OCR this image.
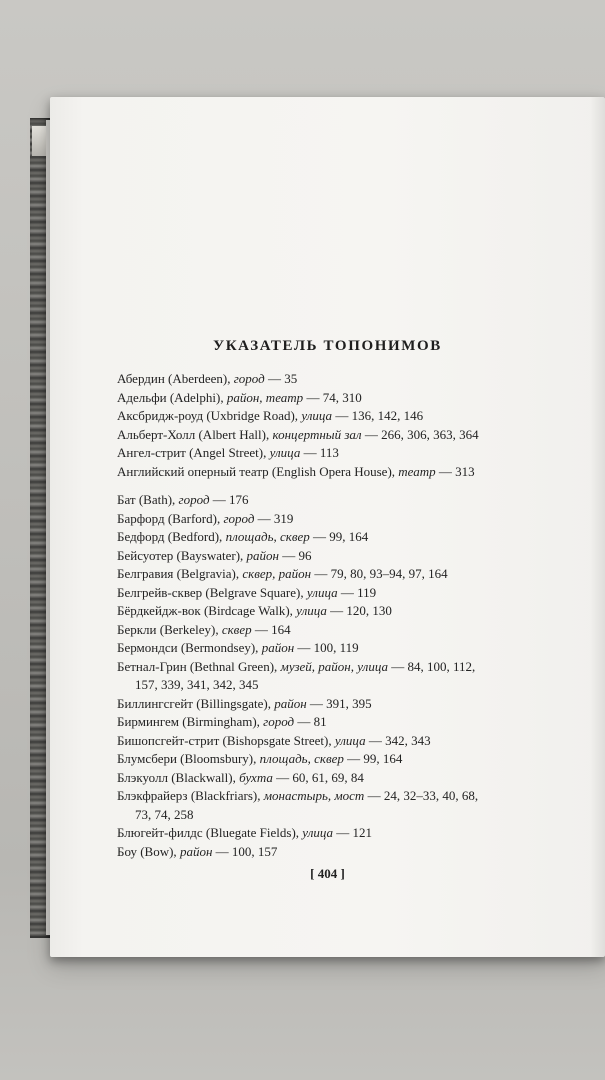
УКАЗАТЕЛЬ ТОПОНИМОВ
Абердин (Aberdeen), город — 35
Адельфи (Adelphi), район, театр — 74, 310
Аксбридж-роуд (Uxbridge Road), улица — 136, 142, 146
Альберт-Холл (Albert Hall), концертный зал — 266, 306, 363, 364
Ангел-стрит (Angel Street), улица — 113
Английский оперный театр (English Opera House), театр — 313
Бат (Bath), город — 176
Барфорд (Barford), город — 319
Бедфорд (Bedford), площадь, сквер — 99, 164
Бейсуотер (Bayswater), район — 96
Белгравия (Belgravia), сквер, район — 79, 80, 93–94, 97, 164
Белгрейв-сквер (Belgrave Square), улица — 119
Бёрдкейдж-вок (Birdcage Walk), улица — 120, 130
Беркли (Berkeley), сквер — 164
Бермондси (Bermondsey), район — 100, 119
Бетнал-Грин (Bethnal Green), музей, район, улица — 84, 100, 112,
157, 339, 341, 342, 345
Биллингсгейт (Billingsgate), район — 391, 395
Бирмингем (Birmingham), город — 81
Бишопсгейт-стрит (Bishopsgate Street), улица — 342, 343
Блумсбери (Bloomsbury), площадь, сквер — 99, 164
Блэкуолл (Blackwall), бухта — 60, 61, 69, 84
Блэкфрайерз (Blackfriars), монастырь, мост — 24, 32–33, 40, 68,
73, 74, 258
Блюгейт-филдс (Bluegate Fields), улица — 121
Боу (Bow), район — 100, 157
[ 404 ]
